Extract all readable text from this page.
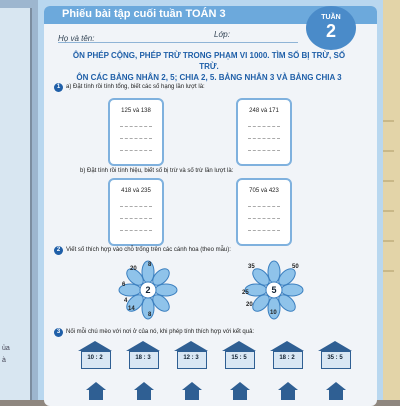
ủa
à
Phiếu bài tập cuối tuần TOÁN 3
Họ và tên:	Lớp:
TUẦN
2
ÔN PHÉP CỘNG, PHÉP TRỪ TRONG PHẠM VI 1000. TÌM SỐ BỊ TRỪ, SỐ TRỪ.
ÔN CÁC BẢNG NHÂN 2, 5; CHIA 2, 5. BẢNG NHÂN 3 VÀ BẢNG CHIA 3
1 a) Đặt tính rồi tính tổng, biết các số hạng lần lượt là:
125 và 138	248 và 171
b) Đặt tính rồi tính hiệu, biết số bị trừ và số trừ lần lượt là:
418 và 235	705 và 423
2 Viết số thích hợp vào chỗ trống trên các cánh hoa (theo mẫu):
2
20
8
6
4
14
8
5
35	50
25
20
10
3 Nối mỗi chú mèo với nơi ở của nó, khi phép tính thích hợp với kết quả:
10 : 2	18 : 3	12 : 3	15 : 5	18 : 2	35 : 5
